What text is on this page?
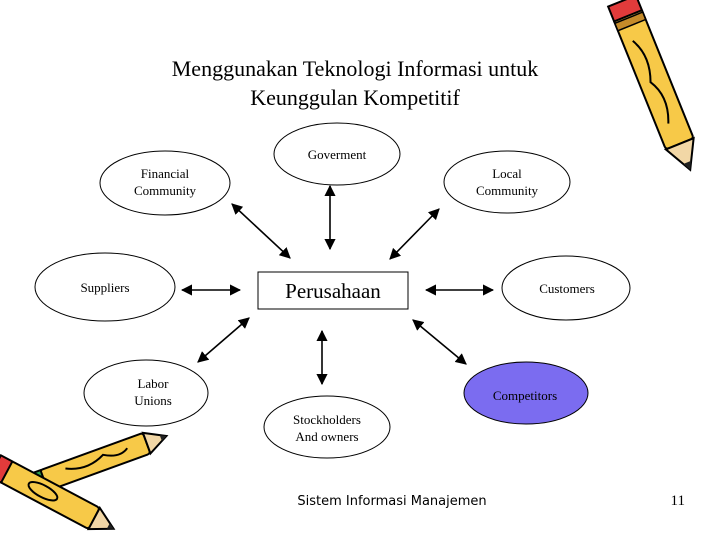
Menggunakan Teknologi Informasi untuk
Keunggulan Kompetitif
Goverment
Financial
Community
Local
Community
Suppliers	Customers
Labor
Unions	Competitors
Stockholders
And owners
Perusahaan
Sistem Informasi Manajemen	11
